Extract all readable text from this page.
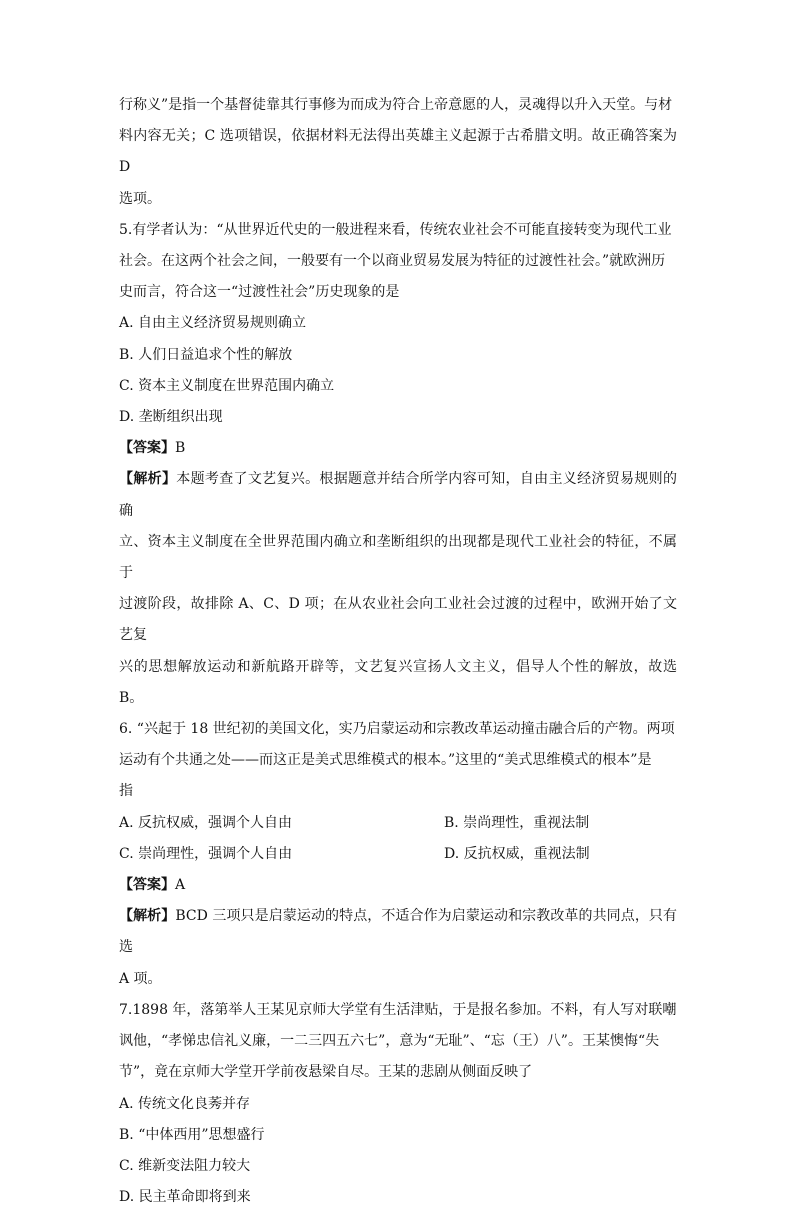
行称义”是指一个基督徒靠其行事修为而成为符合上帝意愿的人，灵魂得以升入天堂。与材

料内容无关；C 选项错误，依据材料无法得出英雄主义起源于古希腊文明。故正确答案为 D

选项。

5.有学者认为：“从世界近代史的一般进程来看，传统农业社会不可能直接转变为现代工业

社会。在这两个社会之间，一般要有一个以商业贸易发展为特征的过渡性社会。”就欧洲历

史而言，符合这一“过渡性社会”历史现象的是

A. 自由主义经济贸易规则确立

B. 人们日益追求个性的解放

C. 资本主义制度在世界范围内确立

D. 垄断组织出现

【答案】B

【解析】本题考查了文艺复兴。根据题意并结合所学内容可知，自由主义经济贸易规则的确

立、资本主义制度在全世界范围内确立和垄断组织的出现都是现代工业社会的特征，不属于

过渡阶段，故排除 A、C、D 项；在从农业社会向工业社会过渡的过程中，欧洲开始了文艺复

兴的思想解放运动和新航路开辟等，文艺复兴宣扬人文主义，倡导人个性的解放，故选 B。

6. “兴起于 18 世纪初的美国文化，实乃启蒙运动和宗教改革运动撞击融合后的产物。两项

运动有个共通之处——而这正是美式思维模式的根本。”这里的“美式思维模式的根本”是

指

A. 反抗权威，强调个人自由	B. 崇尚理性，重视法制
C. 崇尚理性，强调个人自由	D. 反抗权威，重视法制

【答案】A

【解析】BCD 三项只是启蒙运动的特点，不适合作为启蒙运动和宗教改革的共同点，只有选

A 项。

7.1898 年，落第举人王某见京师大学堂有生活津贴，于是报名参加。不料，有人写对联嘲

讽他，“孝悌忠信礼义廉，一二三四五六七”，意为“无耻”、“忘（王）八”。王某懊悔“失

节”，竟在京师大学堂开学前夜悬梁自尽。王某的悲剧从侧面反映了

A. 传统文化良莠并存

B. “中体西用”思想盛行

C. 维新变法阻力较大

D. 民主革命即将到来
